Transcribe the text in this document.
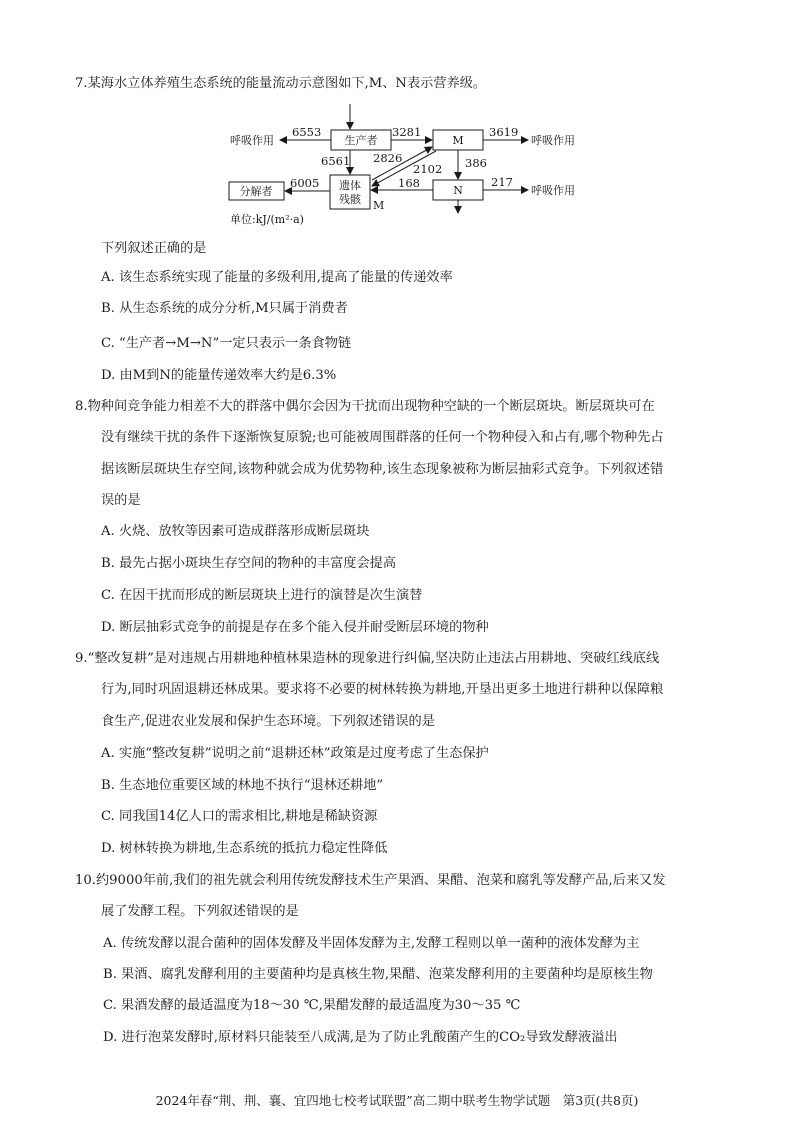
7.某海水立体养殖生态系统的能量流动示意图如下,M、N表示营养级。
生产者	M
N
遗体
残骸
分解者
呼吸作用
6553	3281	3619
呼吸作用
6561 2826
2102 386
6005	168	217
呼吸作用
M
单位:kJ/(m²·a)
下列叙述正确的是
A. 该生态系统实现了能量的多级利用,提高了能量的传递效率
B. 从生态系统的成分分析,M只属于消费者
C. “生产者→M→N”一定只表示一条食物链
D. 由M到N的能量传递效率大约是6.3%
8.物种间竞争能力相差不大的群落中偶尔会因为干扰而出现物种空缺的一个断层斑块。断层斑块可在
没有继续干扰的条件下逐渐恢复原貌;也可能被周围群落的任何一个物种侵入和占有,哪个物种先占
据该断层斑块生存空间,该物种就会成为优势物种,该生态现象被称为断层抽彩式竞争。下列叙述错
误的是
A. 火烧、放牧等因素可造成群落形成断层斑块
B. 最先占据小斑块生存空间的物种的丰富度会提高
C. 在因干扰而形成的断层斑块上进行的演替是次生演替
D. 断层抽彩式竞争的前提是存在多个能入侵并耐受断层环境的物种
9.“整改复耕”是对违规占用耕地种植林果造林的现象进行纠偏,坚决防止违法占用耕地、突破红线底线
行为,同时巩固退耕还林成果。要求将不必要的树林转换为耕地,开垦出更多土地进行耕种以保障粮
食生产,促进农业发展和保护生态环境。下列叙述错误的是
A. 实施“整改复耕”说明之前“退耕还林”政策是过度考虑了生态保护
B. 生态地位重要区域的林地不执行“退林还耕地”
C. 同我国14亿人口的需求相比,耕地是稀缺资源
D. 树林转换为耕地,生态系统的抵抗力稳定性降低
10.约9000年前,我们的祖先就会利用传统发酵技术生产果酒、果醋、泡菜和腐乳等发酵产品,后来又发
展了发酵工程。下列叙述错误的是
A. 传统发酵以混合菌种的固体发酵及半固体发酵为主,发酵工程则以单一菌种的液体发酵为主
B. 果酒、腐乳发酵利用的主要菌种均是真核生物,果醋、泡菜发酵利用的主要菌种均是原核生物
C. 果酒发酵的最适温度为18～30 ℃,果醋发酵的最适温度为30～35 ℃
D. 进行泡菜发酵时,原材料只能装至八成满,是为了防止乳酸菌产生的CO₂导致发酵液溢出
2024年春“荆、荆、襄、宜四地七校考试联盟”高二期中联考生物学试题　第3页(共8页)
